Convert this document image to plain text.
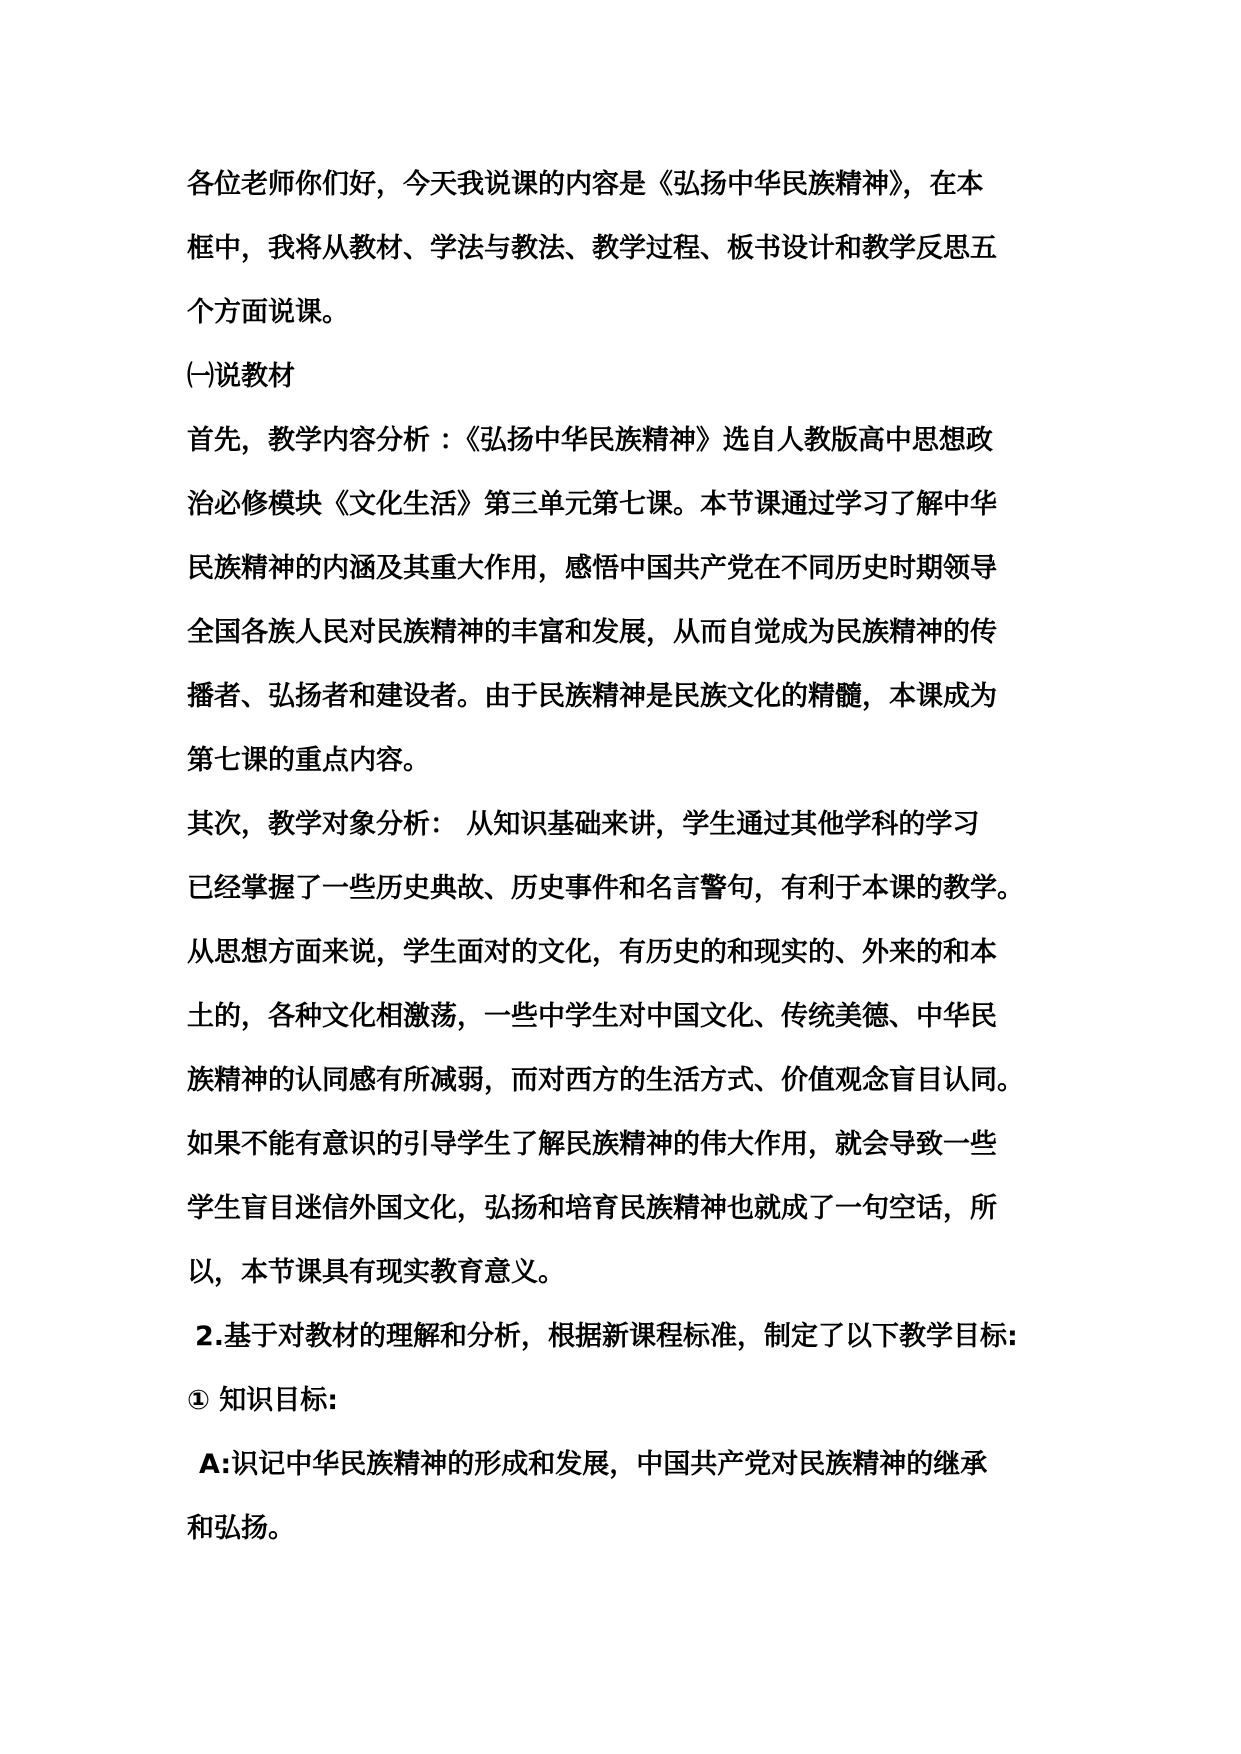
各位老师你们好，今天我说课的内容是《弘扬中华民族精神》，在本
框中，我将从教材、学法与教法、教学过程、板书设计和教学反思五
个方面说课。
㈠说教材
首先，教学内容分析 ：《弘扬中华民族精神》选自人教版高中思想政
治必修模块《文化生活》第三单元第七课。本节课通过学习了解中华
民族精神的内涵及其重大作用，感悟中国共产党在不同历史时期领导
全国各族人民对民族精神的丰富和发展，从而自觉成为民族精神的传
播者、弘扬者和建设者。由于民族精神是民族文化的精髓，本课成为
第七课的重点内容。
其次，教学对象分析： 从知识基础来讲，学生通过其他学科的学习
已经掌握了一些历史典故、历史事件和名言警句，有利于本课的教学。
从思想方面来说，学生面对的文化，有历史的和现实的、外来的和本
土的，各种文化相激荡，一些中学生对中国文化、传统美德、中华民
族精神的认同感有所减弱，而对西方的生活方式、价值观念盲目认同。
如果不能有意识的引导学生了解民族精神的伟大作用，就会导致一些
学生盲目迷信外国文化，弘扬和培育民族精神也就成了一句空话，所
以，本节课具有现实教育意义。
2.基于对教材的理解和分析，根据新课程标准，制定了以下教学目标:
① 知识目标:
A:识记中华民族精神的形成和发展，中国共产党对民族精神的继承
和弘扬。
